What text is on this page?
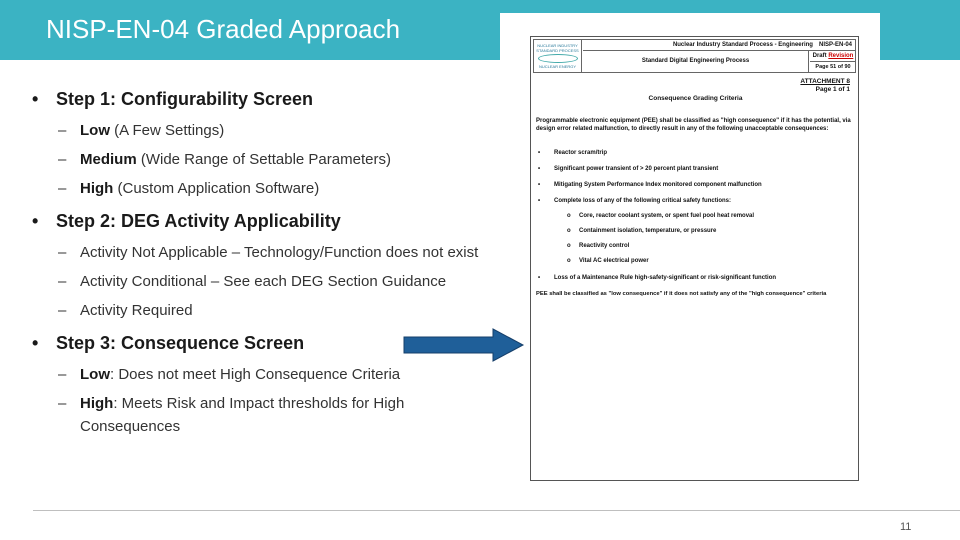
NISP-EN-04 Graded Approach
• Step 1: Configurability Screen
– Low (A Few Settings)
– Medium (Wide Range of Settable Parameters)
– High (Custom Application Software)
• Step 2: DEG Activity Applicability
– Activity Not Applicable – Technology/Function does not exist
– Activity Conditional – See each DEG Section Guidance
– Activity Required
• Step 3: Consequence Screen
– Low: Does not meet High Consequence Criteria
– High: Meets Risk and Impact thresholds for High Consequences
NUCLEAR INDUSTRY STANDARD PROCESS
NUCLEAR ENERGY
Nuclear Industry Standard Process - Engineering NISP-EN-04
Standard Digital Engineering Process
Draft Revision
Page 51 of 90
ATTACHMENT 8
Page 1 of 1
Consequence Grading Criteria
Programmable electronic equipment (PEE) shall be classified as "high consequence" if it has the potential, via design error related malfunction, to directly result in any of the following unacceptable consequences:
• Reactor scram/trip
• Significant power transient of > 20 percent plant transient
• Mitigating System Performance Index monitored component malfunction
• Complete loss of any of the following critical safety functions:
o Core, reactor coolant system, or spent fuel pool heat removal
o Containment isolation, temperature, or pressure
o Reactivity control
o Vital AC electrical power
• Loss of a Maintenance Rule high-safety-significant or risk-significant function
PEE shall be classified as "low consequence" if it does not satisfy any of the "high consequence" criteria
11
